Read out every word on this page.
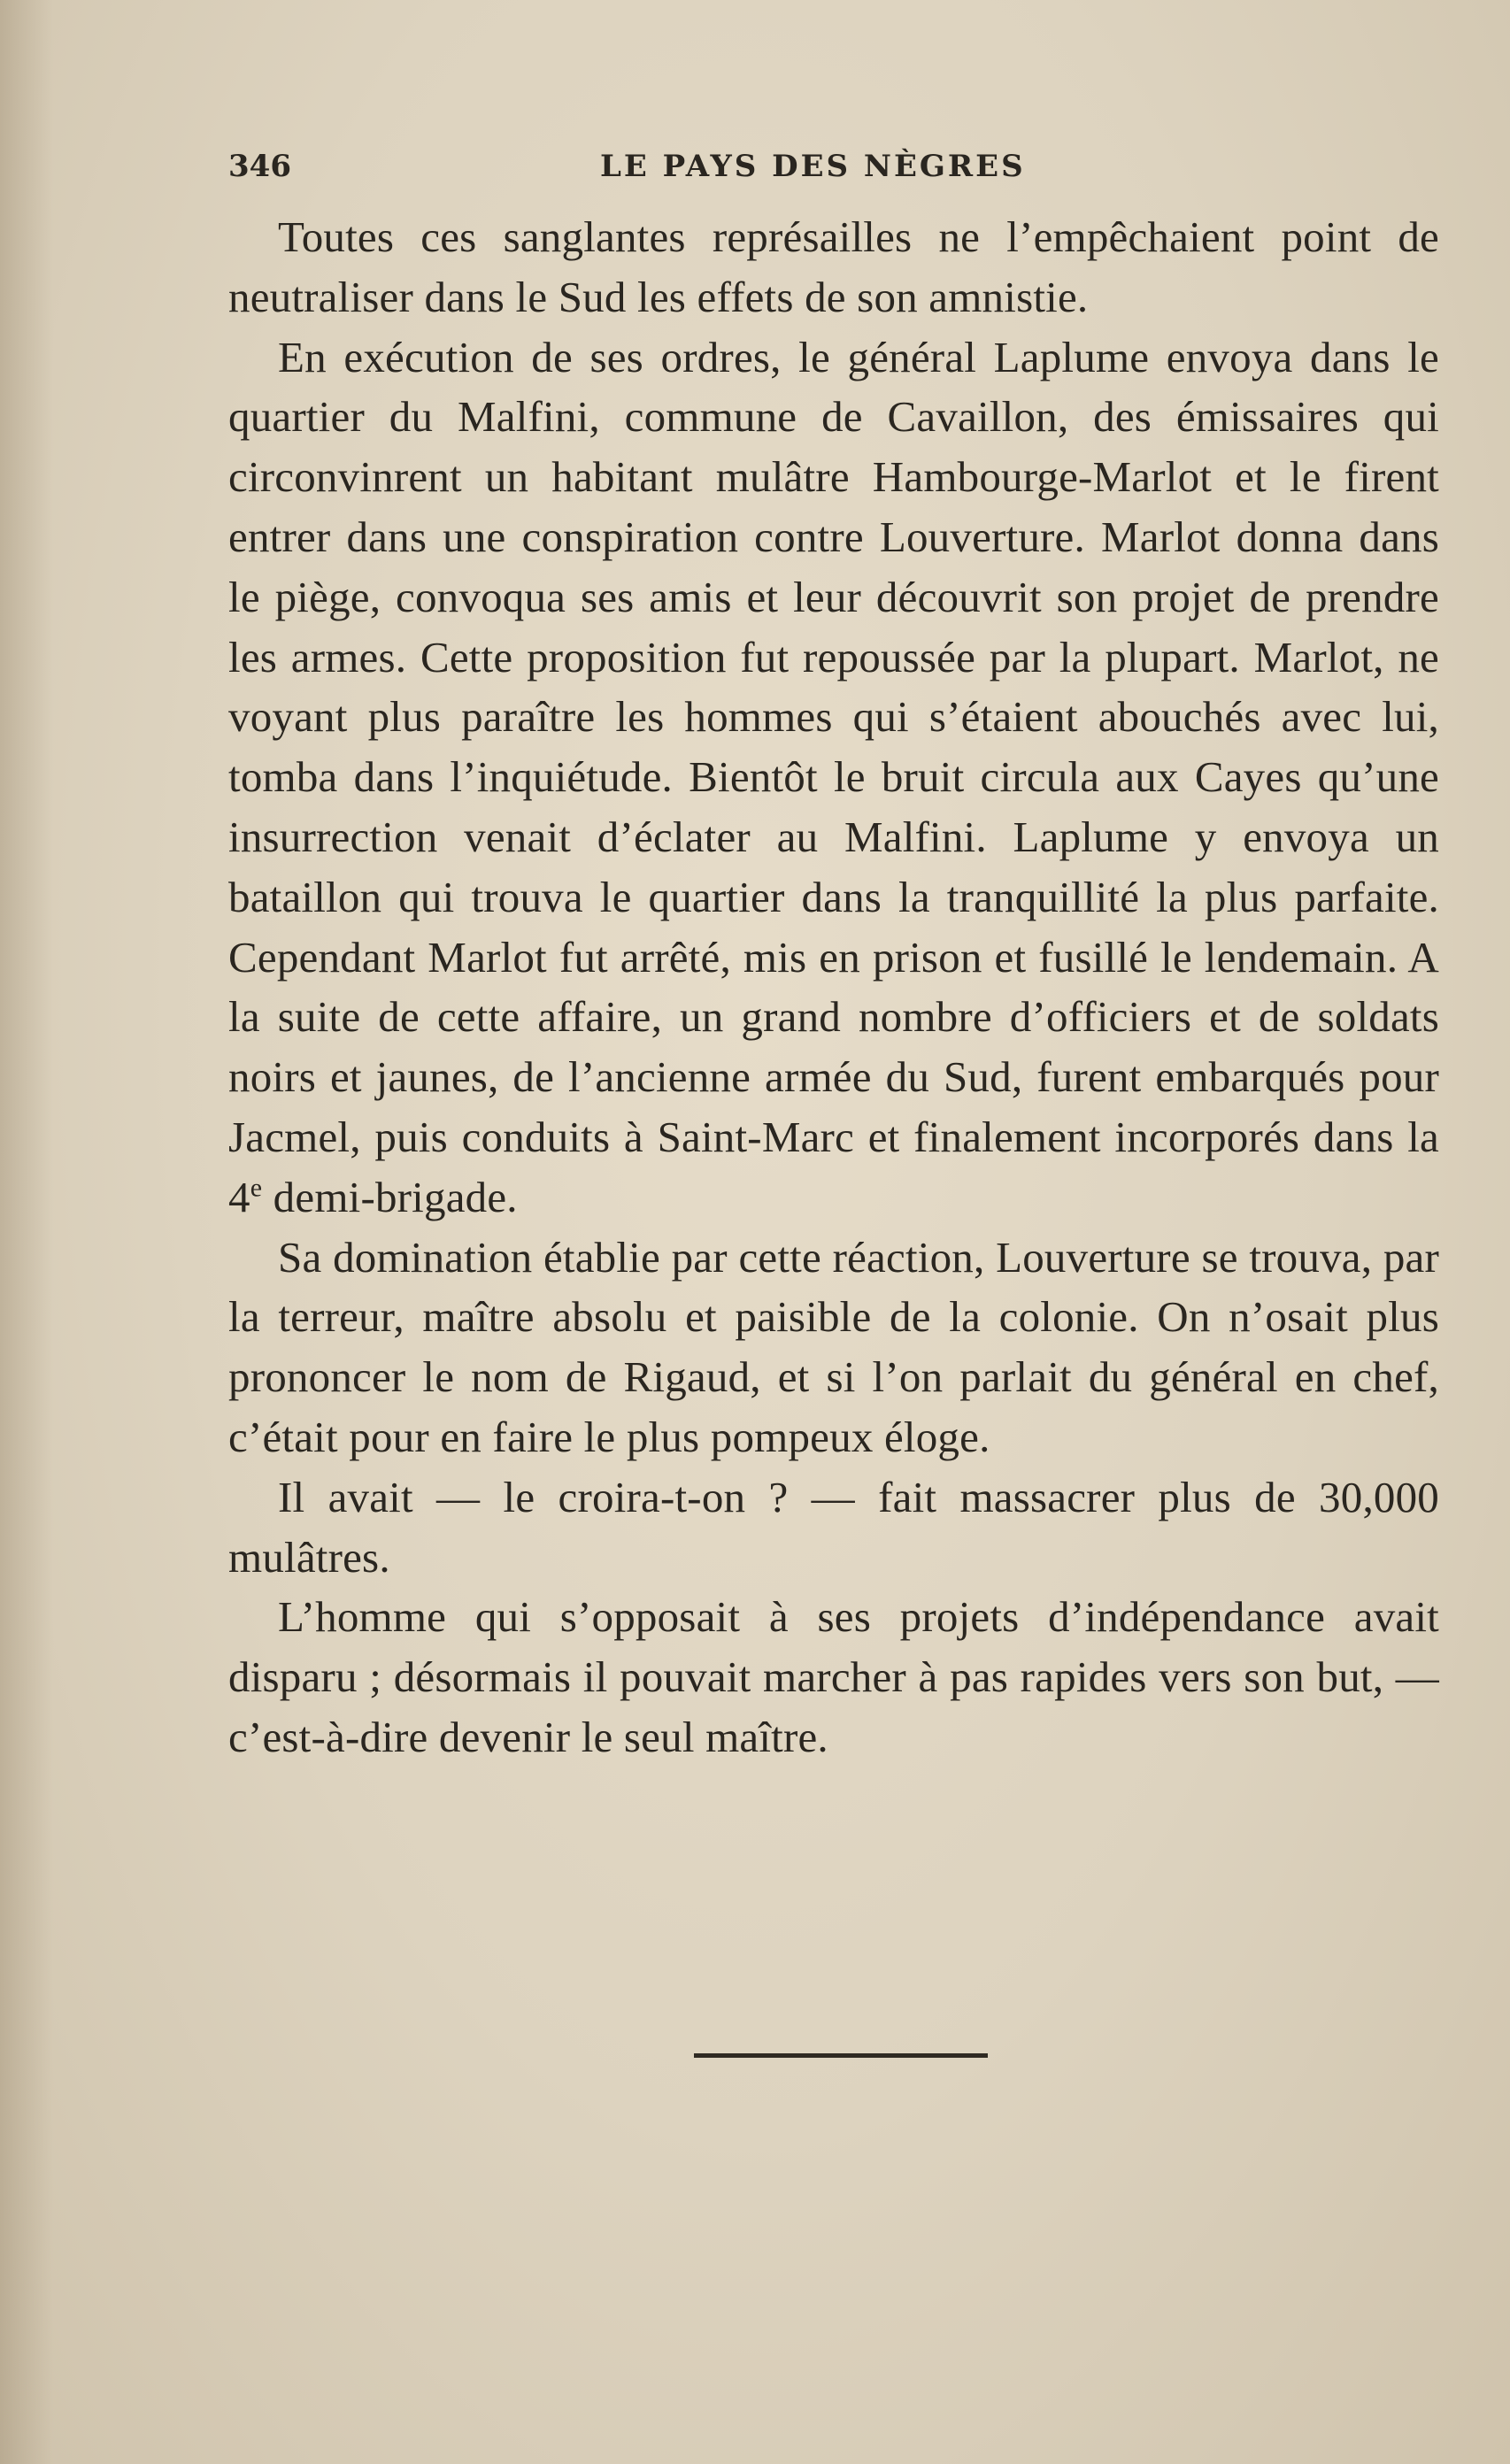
346	LE PAYS DES NÈGRES

Toutes ces sanglantes représailles ne l’empêchaient point de neutraliser dans le Sud les effets de son amnistie.

En exécution de ses ordres, le général Laplume envoya dans le quartier du Malfini, commune de Cavaillon, des émissaires qui circonvinrent un habitant mulâtre Hambourge-Marlot et le firent entrer dans une conspiration contre Louverture. Marlot donna dans le piège, convoqua ses amis et leur découvrit son projet de prendre les armes. Cette proposition fut repoussée par la plupart. Marlot, ne voyant plus paraître les hommes qui s’étaient abouchés avec lui, tomba dans l’inquiétude. Bientôt le bruit circula aux Cayes qu’une insurrection venait d’éclater au Malfini. Laplume y envoya un bataillon qui trouva le quartier dans la tranquillité la plus parfaite. Cependant Marlot fut arrêté, mis en prison et fusillé le lendemain. A la suite de cette affaire, un grand nombre d’officiers et de soldats noirs et jaunes, de l’ancienne armée du Sud, furent embarqués pour Jacmel, puis conduits à Saint-Marc et finalement incorporés dans la 4e demi-brigade.

Sa domination établie par cette réaction, Louverture se trouva, par la terreur, maître absolu et paisible de la colonie. On n’osait plus prononcer le nom de Rigaud, et si l’on parlait du général en chef, c’était pour en faire le plus pompeux éloge.

Il avait — le croira-t-on ? — fait massacrer plus de 30,000 mulâtres.

L’homme qui s’opposait à ses projets d’indépendance avait disparu ; désormais il pouvait marcher à pas rapides vers son but, — c’est-à-dire devenir le seul maître.
